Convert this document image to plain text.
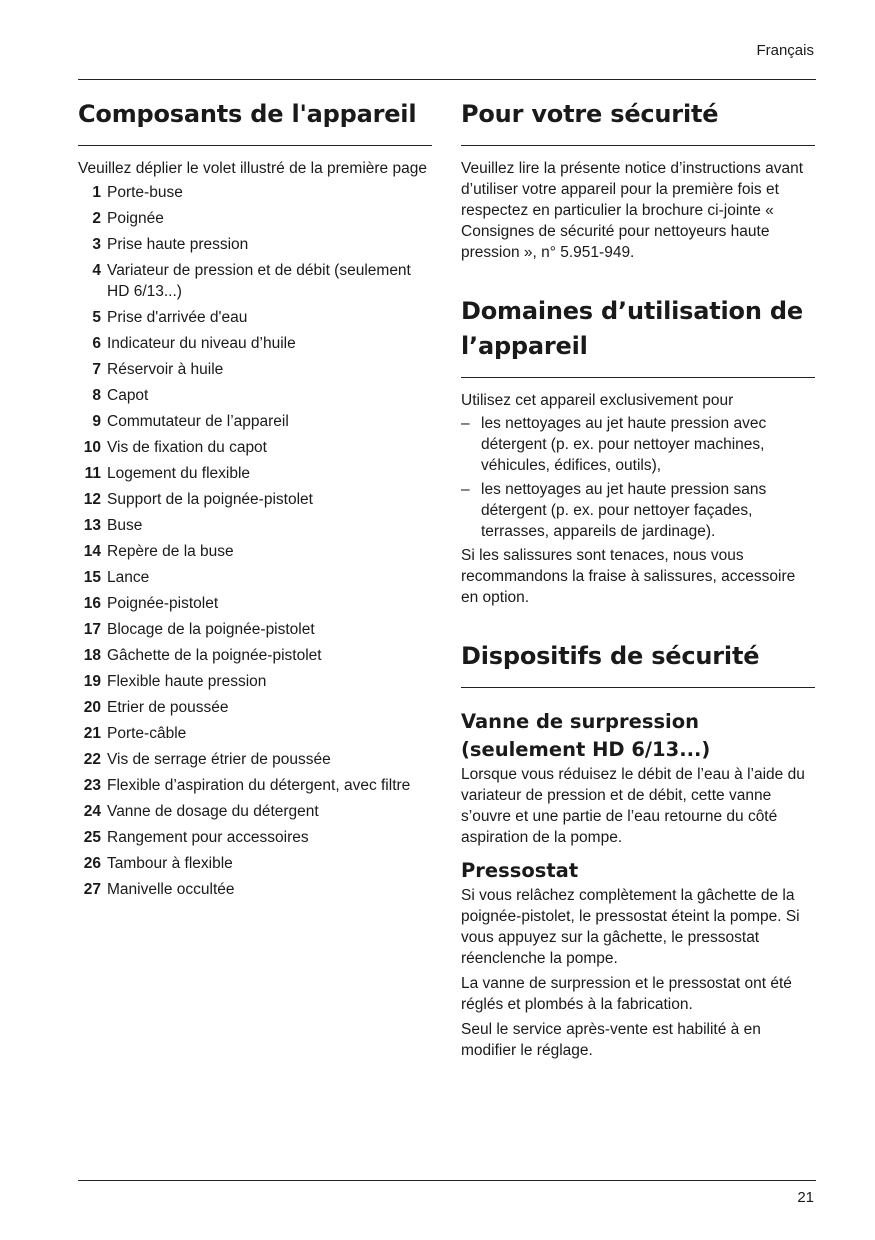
Français
Composants de l'appareil

Veuillez déplier le volet illustré de la première page

1 Porte-buse
2 Poignée
3 Prise haute pression
4 Variateur de pression et de débit (seulement HD 6/13...)
5 Prise d'arrivée d'eau
6 Indicateur du niveau d’huile
7 Réservoir à huile
8 Capot
9 Commutateur de l’appareil
10 Vis de fixation du capot
11 Logement du flexible
12 Support de la poignée-pistolet
13 Buse
14 Repère de la buse
15 Lance
16 Poignée-pistolet
17 Blocage de la poignée-pistolet
18 Gâchette de la poignée-pistolet
19 Flexible haute pression
20 Etrier de poussée
21 Porte-câble
22 Vis de serrage étrier de poussée
23 Flexible d’aspiration du détergent, avec filtre
24 Vanne de dosage du détergent
25 Rangement pour accessoires
26 Tambour à flexible
27 Manivelle occultée
Pour votre sécurité

Veuillez lire la présente notice d’instructions avant d’utiliser votre appareil pour la première fois et respectez en particulier la brochure ci-jointe « Consignes de sécurité pour nettoyeurs haute pression », n° 5.951-949.

Domaines d’utilisation de l’appareil

Utilisez cet appareil exclusivement pour

– les nettoyages au jet haute pression avec détergent (p. ex. pour nettoyer machines, véhicules, édifices, outils),
– les nettoyages au jet haute pression sans détergent (p. ex. pour nettoyer façades, terrasses, appareils de jardinage).

Si les salissures sont tenaces, nous vous recommandons la fraise à salissures, accessoire en option.

Dispositifs de sécurité
Vanne de surpression (seulement HD 6/13...)

Lorsque vous réduisez le débit de l’eau à l’aide du variateur de pression et de débit, cette vanne s’ouvre et une partie de l’eau retourne du côté aspiration de la pompe.

Pressostat

Si vous relâchez complètement la gâchette de la poignée-pistolet, le pressostat éteint la pompe. Si vous appuyez sur la gâchette, le pressostat réenclenche la pompe.

La vanne de surpression et le pressostat ont été réglés et plombés à la fabrication.

Seul le service après-vente est habilité à en modifier le réglage.

21
